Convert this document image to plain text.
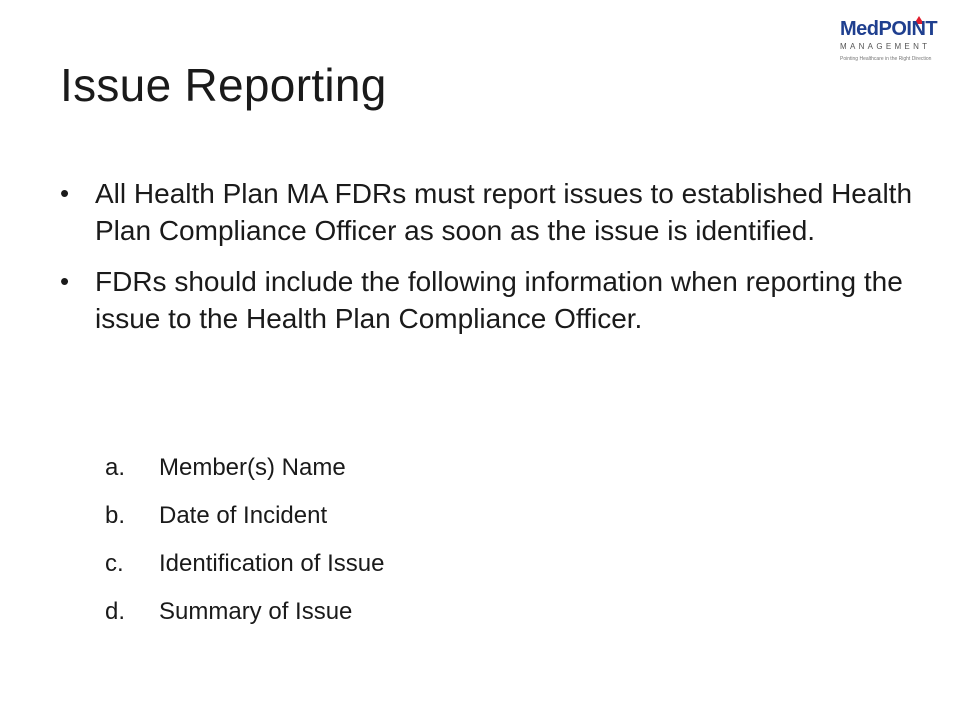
Issue Reporting
MedPOINT
MANAGEMENT
Pointing Healthcare in the Right Direction
• All Health Plan MA FDRs must report issues to established Health Plan Compliance Officer as soon as the issue is identified.
• FDRs should include the following information when reporting the issue to the Health Plan Compliance Officer.
a.	Member(s) Name
b.	Date of Incident
c.	Identification of Issue
d.	Summary of Issue
